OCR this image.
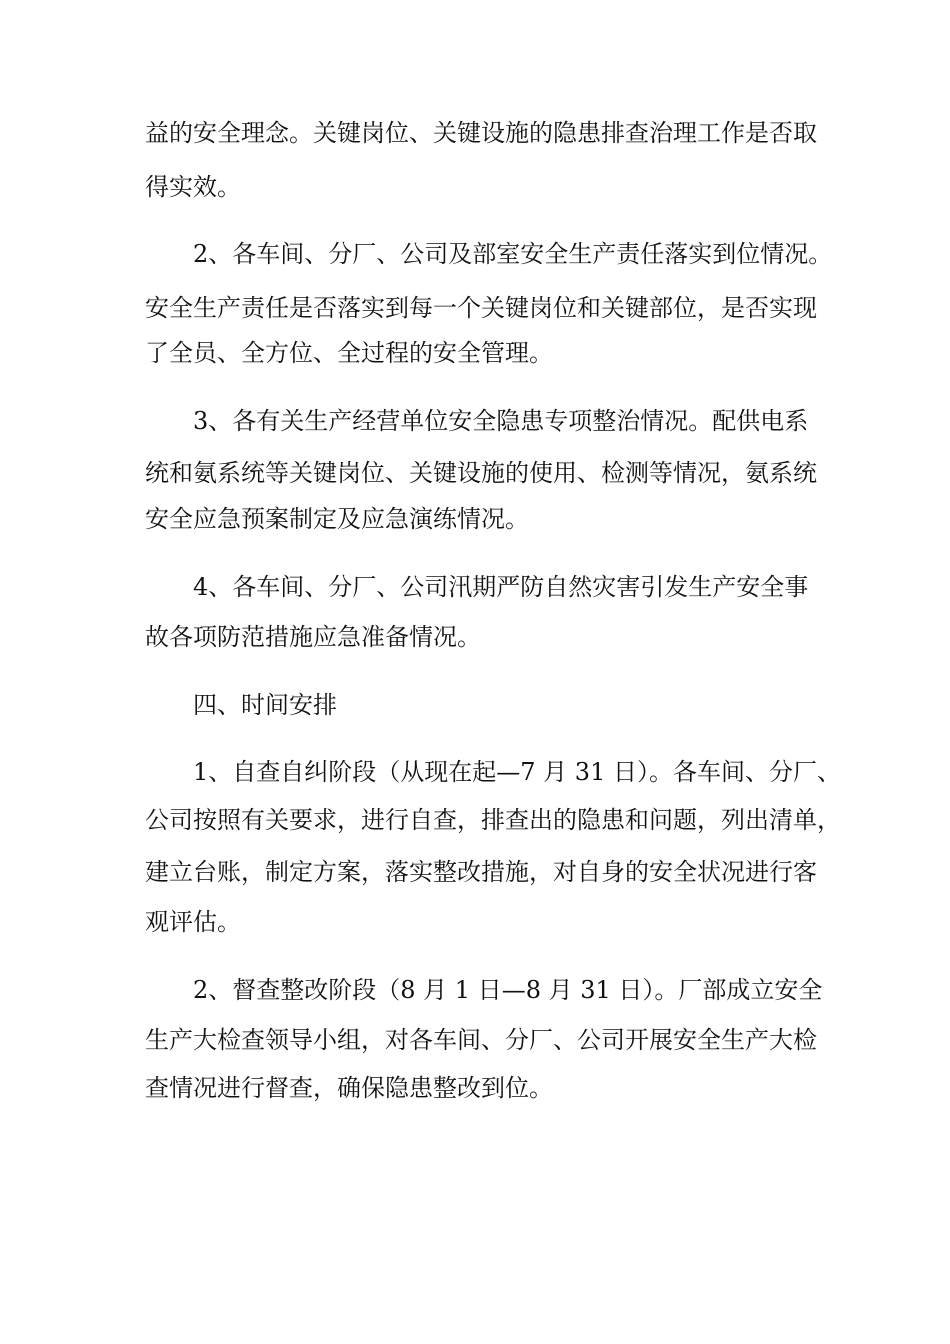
益的安全理念。关键岗位、关键设施的隐患排查治理工作是否取
得实效。
2、各车间、分厂、公司及部室安全生产责任落实到位情况。
安全生产责任是否落实到每一个关键岗位和关键部位，是否实现
了全员、全方位、全过程的安全管理。
3、各有关生产经营单位安全隐患专项整治情况。配供电系
统和氨系统等关键岗位、关键设施的使用、检测等情况，氨系统
安全应急预案制定及应急演练情况。
4、各车间、分厂、公司汛期严防自然灾害引发生产安全事
故各项防范措施应急准备情况。
四、时间安排
1、自查自纠阶段（从现在起—7 月 31 日）。各车间、分厂、
公司按照有关要求，进行自查，排查出的隐患和问题，列出清单，
建立台账，制定方案，落实整改措施，对自身的安全状况进行客
观评估。
2、督查整改阶段（8 月 1 日—8 月 31 日）。厂部成立安全
生产大检查领导小组，对各车间、分厂、公司开展安全生产大检
查情况进行督查，确保隐患整改到位。
